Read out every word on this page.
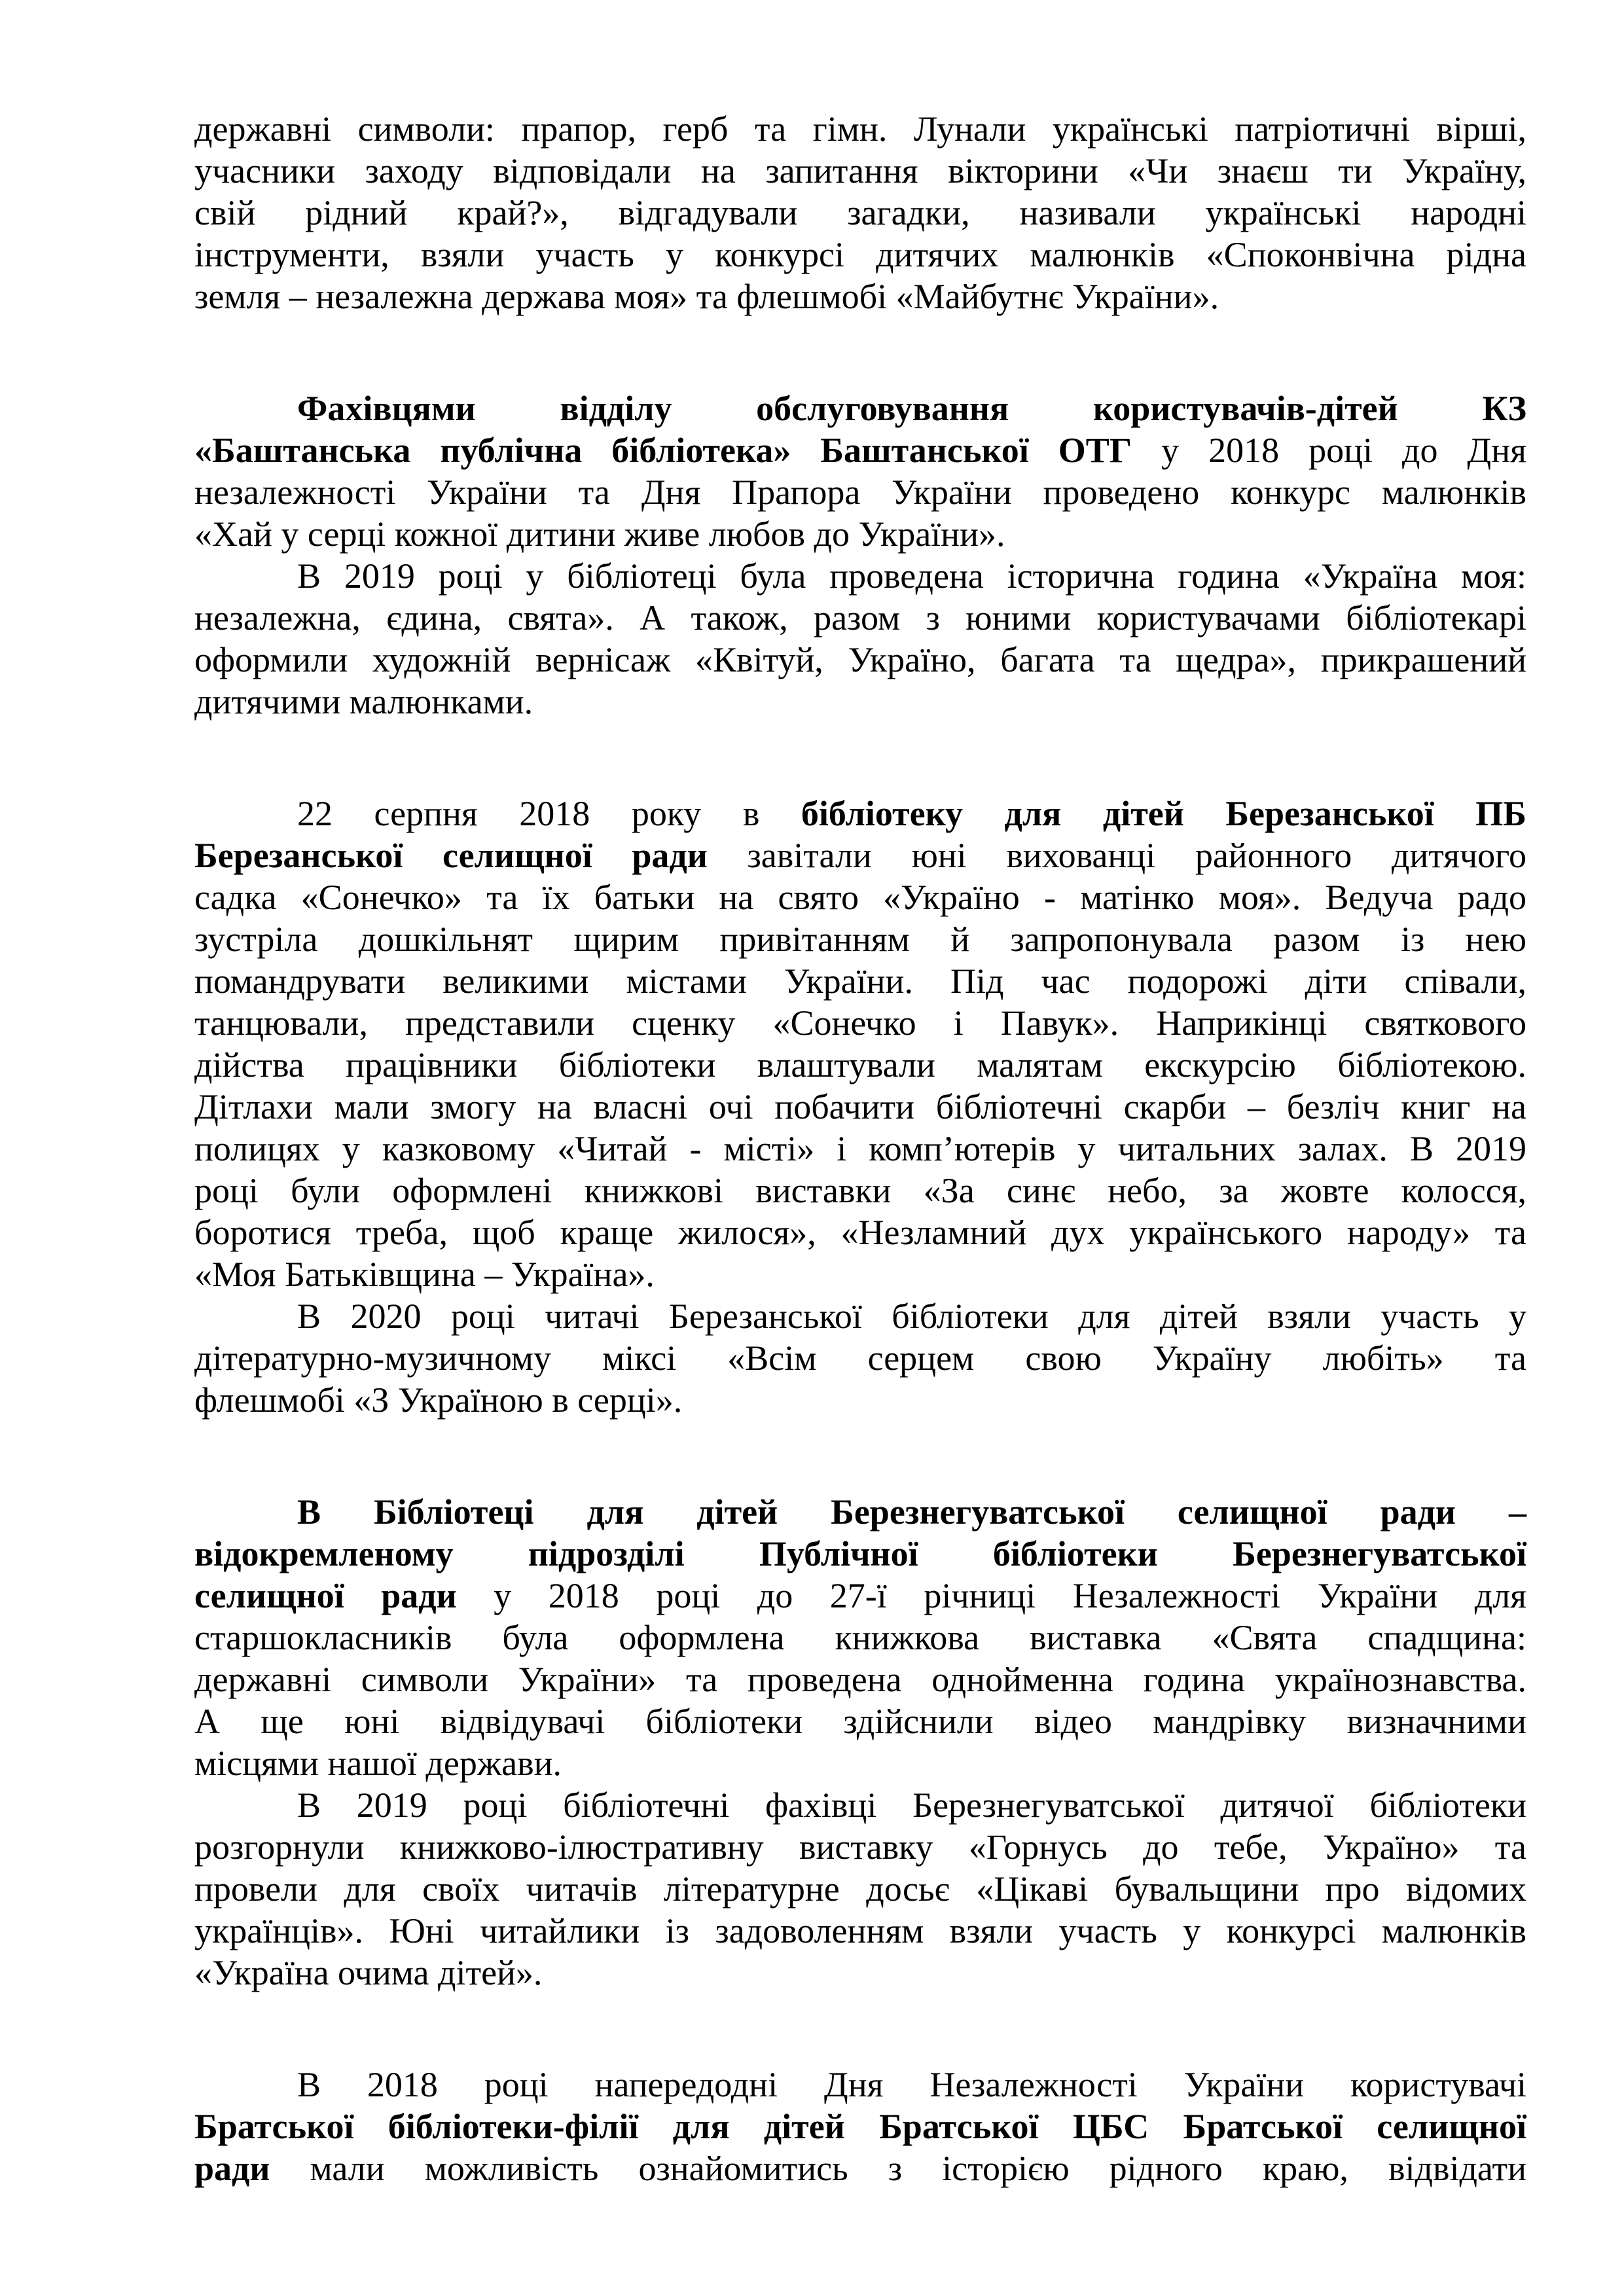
державні символи: прапор, герб та гімн. Лунали українські патріотичні вірші,
учасники заходу відповідали на запитання вікторини «Чи знаєш ти Україну,
свій рідний край?», відгадували загадки, називали українські народні
інструменти, взяли участь у конкурсі дитячих малюнків «Споконвічна рідна
земля – незалежна держава моя» та флешмобі «Майбутнє України».
Фахівцями відділу обслуговування користувачів-дітей КЗ
«Баштанська публічна бібліотека» Баштанської ОТГ у 2018 році до Дня
незалежності України та Дня Прапора України проведено конкурс малюнків
«Хай у серці кожної дитини живе любов до України».
В 2019 році у бібліотеці була проведена історична година «Україна моя:
незалежна, єдина, свята». А також, разом з юними користувачами бібліотекарі
оформили художній вернісаж «Квітуй, Україно, багата та щедра», прикрашений
дитячими малюнками.
22 серпня 2018 року в бібліотеку для дітей Березанської ПБ
Березанської селищної ради завітали юні вихованці районного дитячого
садка «Сонечко» та їх батьки на свято «Україно - матінко моя». Ведуча радо
зустріла дошкільнят щирим привітанням й запропонувала разом із нею
помандрувати великими містами України. Під час подорожі діти співали,
танцювали, представили сценку «Сонечко і Павук». Наприкінці святкового
дійства працівники бібліотеки влаштували малятам екскурсію бібліотекою.
Дітлахи мали змогу на власні очі побачити бібліотечні скарби – безліч книг на
полицях у казковому «Читай - місті» і комп’ютерів у читальних залах. В 2019
році були оформлені книжкові виставки «За синє небо, за жовте колосся,
боротися треба, щоб краще жилося», «Незламний дух українського народу» та
«Моя Батьківщина – Україна».
В 2020 році читачі Березанської бібліотеки для дітей взяли участь у
дітературно-музичному міксі «Всім серцем свою Україну любіть» та
флешмобі «З Україною в серці».
В Бібліотеці для дітей Березнегуватської селищної ради –
відокремленому підрозділі Публічної бібліотеки Березнегуватської
селищної ради у 2018 році до 27-ї річниці Незалежності України для
старшокласників була оформлена книжкова виставка «Свята спадщина:
державні символи України» та проведена однойменна година українознавства.
А ще юні відвідувачі бібліотеки здійснили відео мандрівку визначними
місцями нашої держави.
В 2019 році бібліотечні фахівці Березнегуватської дитячої бібліотеки
розгорнули книжково-ілюстративну виставку «Горнусь до тебе, Україно» та
провели для своїх читачів літературне досьє «Цікаві бувальщини про відомих
українців». Юні читайлики із задоволенням взяли участь у конкурсі малюнків
«Україна очима дітей».
В 2018 році напередодні Дня Незалежності України користувачі
Братської бібліотеки-філії для дітей Братської ЦБС Братської селищної
ради мали можливість ознайомитись з історією рідного краю, відвідати
